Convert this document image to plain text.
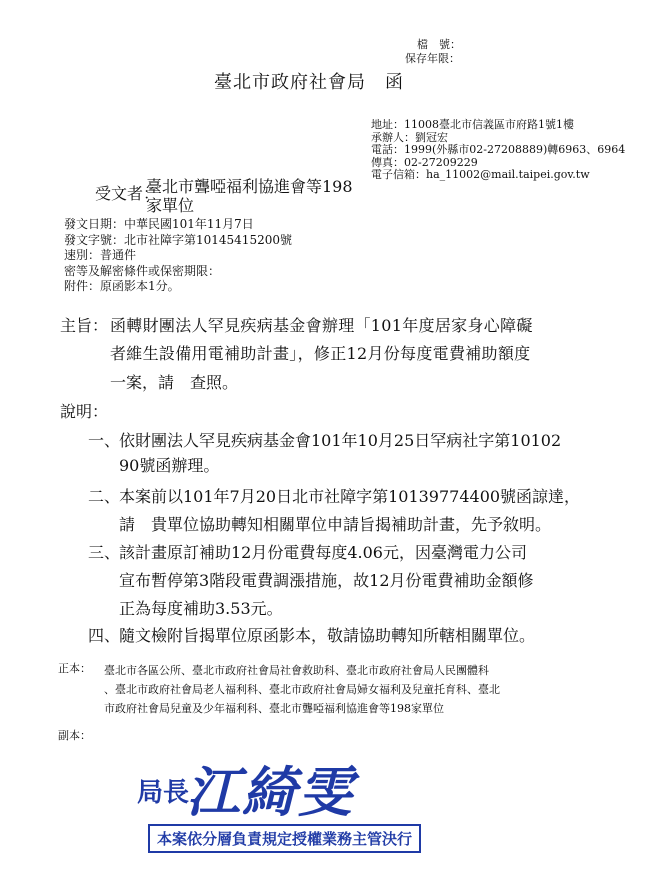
檔　號：
保存年限：
臺北市政府社會局　函
地址：11008臺北市信義區市府路1號1樓
承辦人：劉冠宏
電話：1999(外縣市02-27208889)轉6963、6964
傳真：02-27209229
電子信箱：ha_11002@mail.taipei.gov.tw
受文者：
臺北市聾啞福利協進會等198
家單位
發文日期：中華民國101年11月7日
發文字號：北市社障字第10145415200號
速別：普通件
密等及解密條件或保密期限：
附件：原函影本1分。
主旨： 函轉財團法人罕見疾病基金會辦理「101年度居家身心障礙
者維生設備用電補助計畫」，修正12月份每度電費補助額度
一案，請　查照。
說明：
一、
依財團法人罕見疾病基金會101年10月25日罕病社字第10102
90號函辦理。
二、
本案前以101年7月20日北市社障字第10139774400號函諒達，
請　貴單位協助轉知相關單位申請旨揭補助計畫，先予敘明。
三、
該計畫原訂補助12月份電費每度4.06元，因臺灣電力公司
宣布暫停第3階段電費調漲措施，故12月份電費補助金額修
正為每度補助3.53元。
四、
隨文檢附旨揭單位原函影本，敬請協助轉知所轄相關單位。
正本： 臺北市各區公所、臺北市政府社會局社會救助科、臺北市政府社會局人民團體科
、臺北市政府社會局老人福利科、臺北市政府社會局婦女福利及兒童托育科、臺北
市政府社會局兒童及少年福利科、臺北市聾啞福利協進會等198家單位
副本：
局長
江綺雯
本案依分層負責規定授權業務主管決行
